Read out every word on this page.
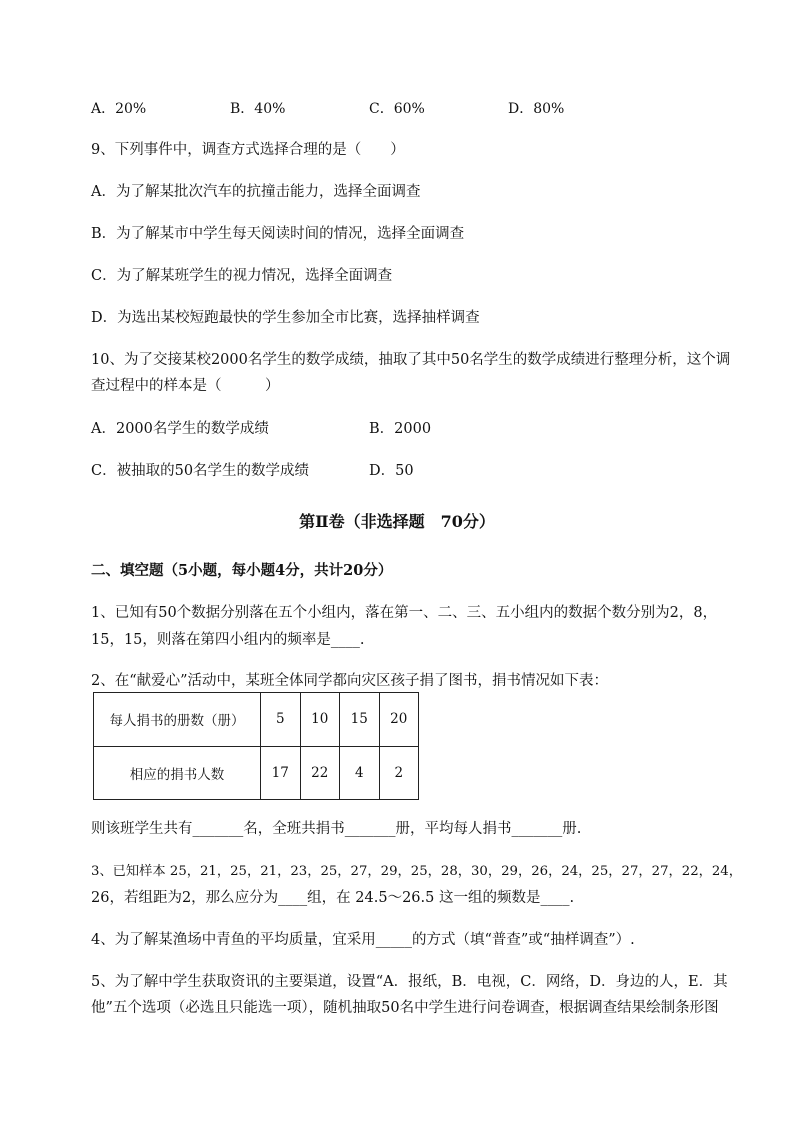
A．20%	B．40%	C．60%	D．80%
9、下列事件中，调查方式选择合理的是（　　）
A．为了解某批次汽车的抗撞击能力，选择全面调查
B．为了解某市中学生每天阅读时间的情况，选择全面调查
C．为了解某班学生的视力情况，选择全面调查
D．为选出某校短跑最快的学生参加全市比赛，选择抽样调查
10、为了交接某校2000名学生的数学成绩，抽取了其中50名学生的数学成绩进行整理分析，这个调
查过程中的样本是（　　　）
A．2000名学生的数学成绩	B．2000
C．被抽取的50名学生的数学成绩	D．50
第Ⅱ卷（非选择题　70分）
二、填空题（5小题，每小题4分，共计20分）
1、已知有50个数据分别落在五个小组内，落在第一、二、三、五小组内的数据个数分别为2，8，
15，15，则落在第四小组内的频率是____.
2、在“献爱心”活动中，某班全体同学都向灾区孩子捐了图书，捐书情况如下表：
每人捐书的册数（册）	5	10	15	20
相应的捐书人数	17	22	4	2
则该班学生共有_______名，全班共捐书_______册，平均每人捐书_______册.
3、已知样本 25，21，25，21，23，25，27，29，25，28，30，29，26，24，25，27，27，22，24，
26，若组距为2，那么应分为____组，在 24.5～26.5 这一组的频数是____.
4、为了解某渔场中青鱼的平均质量，宜采用_____的方式（填“普查”或“抽样调查”）.
5、为了解中学生获取资讯的主要渠道，设置“A．报纸，B．电视，C．网络，D．身边的人，E．其
他”五个选项（必选且只能选一项），随机抽取50名中学生进行问卷调查，根据调查结果绘制条形图
